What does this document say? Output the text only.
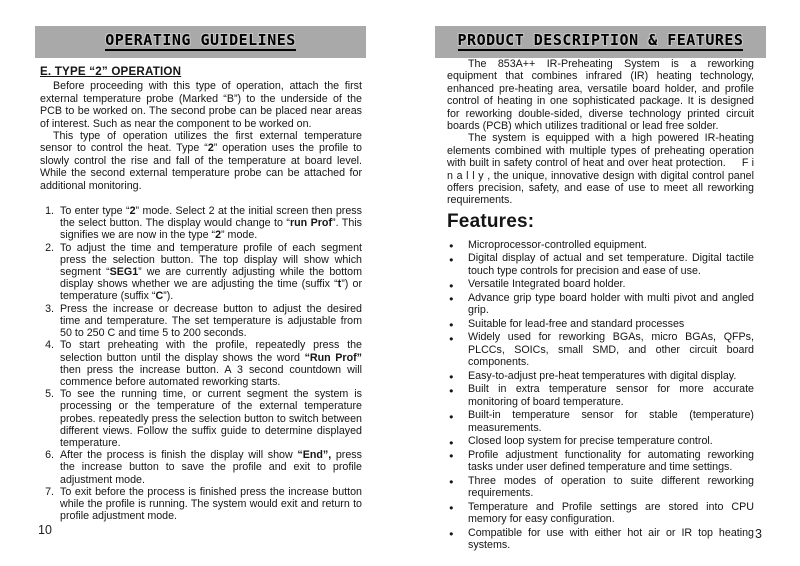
OPERATING GUIDELINES
E. TYPE “2” OPERATION

Before proceeding with this type of operation, attach the first external temperature probe (Marked “B”) to the underside of the PCB to be worked on. The second probe can be placed near areas of interest. Such as near the component to be worked on.

This type of operation utilizes the first external temperature sensor to control the heat. Type “2” operation uses the profile to slowly control the rise and fall of the temperature at board level. While the second external temperature probe can be attached for additional monitoring.

1. To enter type “2” mode. Select 2 at the initial screen then press the select button. The display would change to “run Prof”. This signifies we are now in the type “2” mode.
2. To adjust the time and temperature profile of each segment press the selection button. The top display will show which segment “SEG1” we are currently adjusting while the bottom display shows whether we are adjusting the time (suffix “t”) or temperature (suffix “C”).
3. Press the increase or decrease button to adjust the desired time and temperature. The set temperature is adjustable from 50 to 250 C and time 5 to 200 seconds.
4. To start preheating with the profile, repeatedly press the selection button until the display shows the word “Run Prof” then press the increase button. A 3 second countdown will commence before automated reworking starts.
5. To see the running time, or current segment the system is processing or the temperature of the external temperature probes. repeatedly press the selection button to switch between different views. Follow the suffix guide to determine displayed temperature.
6. After the process is finish the display will show “End”, press the increase button to save the profile and exit to profile adjustment mode.
7. To exit before the process is finished press the increase button while the profile is running. The system would exit and return to profile adjustment mode.
PRODUCT DESCRIPTION & FEATURES

The 853A++ IR-Preheating System is a reworking equipment that combines infrared (IR) heating technology, enhanced pre-heating area, versatile board holder, and profile control of heating in one sophisticated package. It is designed for reworking double-sided, diverse technology printed circuit boards (PCB) which utilizes traditional or lead free solder.

The system is equipped with a high powered IR-heating elements combined with multiple types of preheating operation with built in safety control of heat and over heat protection.     F i n a l l y , the unique, innovative design with digital control panel offers precision, safety, and ease of use to meet all reworking requirements.

Features:
● Microprocessor-controlled equipment.
● Digital display of actual and set temperature. Digital tactile touch type controls for precision and ease of use.
● Versatile Integrated board holder.
● Advance grip type board holder with multi pivot and angled grip.
● Suitable for lead-free and standard processes
● Widely used for reworking BGAs, micro BGAs, QFPs, PLCCs, SOICs, small SMD, and other circuit board components.
● Easy-to-adjust pre-heat temperatures with digital display.
● Built in extra temperature sensor for more accurate monitoring of board temperature.
● Built-in temperature sensor for stable (temperature) measurements.
● Closed loop system for precise temperature control.
● Profile adjustment functionality for automating reworking tasks under user defined temperature and time settings.
● Three modes of operation to suite different reworking requirements.
● Temperature and Profile settings are stored into CPU memory for easy configuration.
● Compatible for use with either hot air or IR top heating systems.
10	3
